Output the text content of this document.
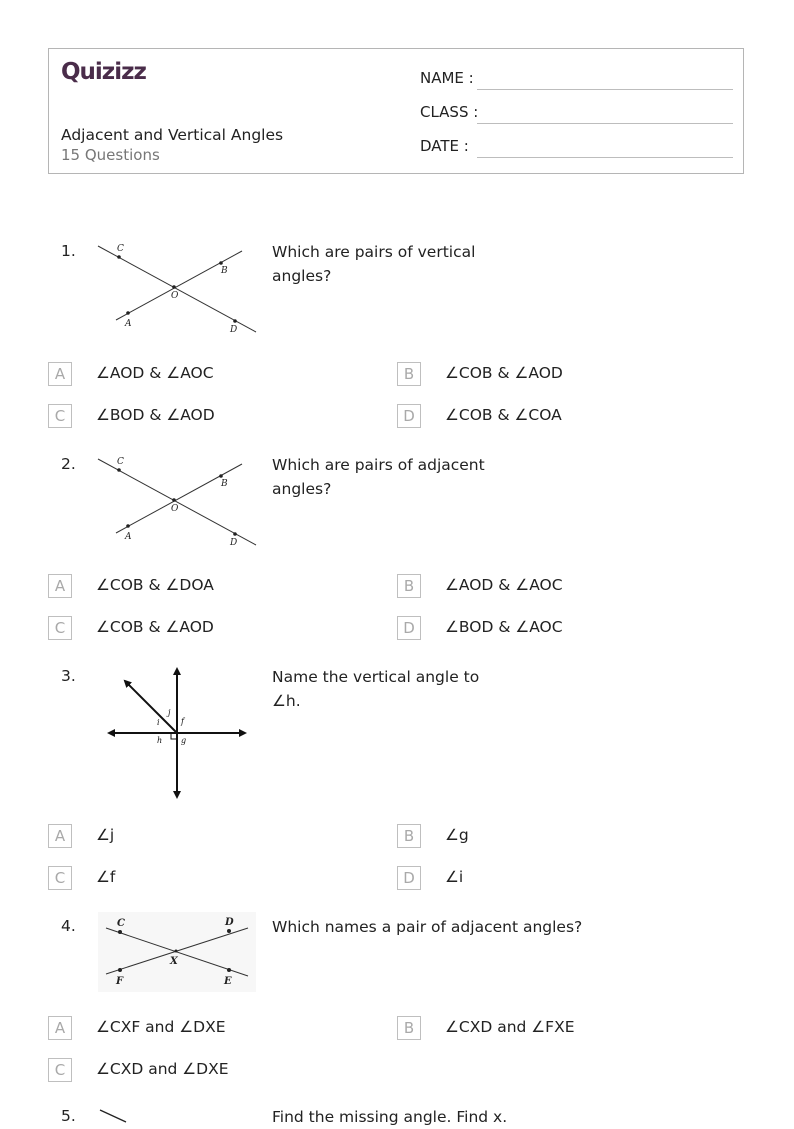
Quizizz
Adjacent and Vertical Angles
15 Questions
NAME :
CLASS :
DATE :
1.	C
B
O
A
D
Which are pairs of vertical angles?
A	∠AOD & ∠AOC	B	∠COB & ∠AOD
C	∠BOD & ∠AOD	D	∠COB & ∠COA
2.	C
B
O
A
D
Which are pairs of adjacent angles?
A	∠COB & ∠DOA	B	∠AOD & ∠AOC
C	∠COB & ∠AOD	D	∠BOD & ∠AOC
3.
j
f
i
h g
Name the vertical angle to
∠h.
A	∠j	B	∠g
C	∠f	D	∠i
4.	C	D
X
F	E
Which names a pair of adjacent angles?
A	∠CXF and ∠DXE	B	∠CXD and ∠FXE
C	∠CXD and ∠DXE
5.	Find the missing angle. Find x.
